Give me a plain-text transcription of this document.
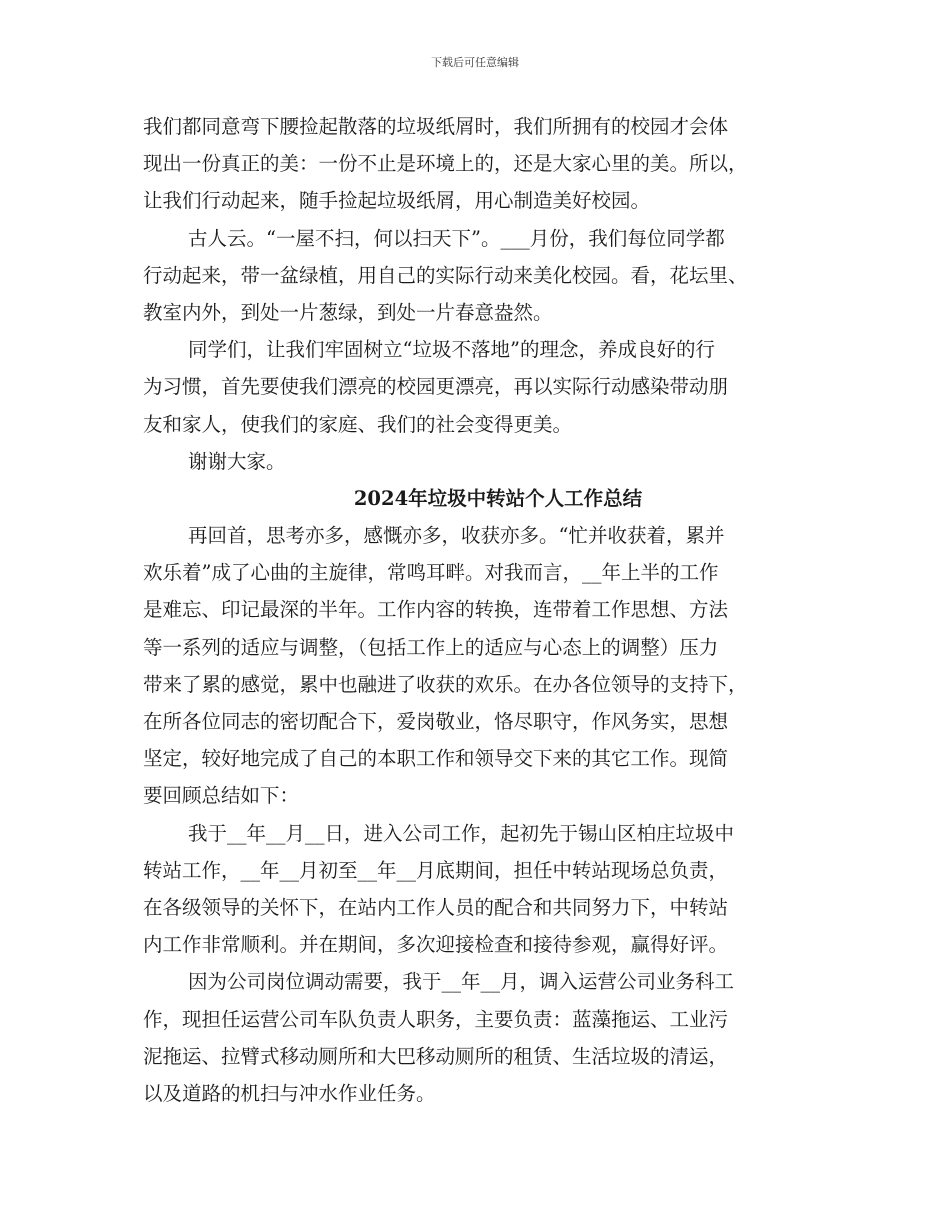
下载后可任意编辑
我们都同意弯下腰捡起散落的垃圾纸屑时，我们所拥有的校园才会体
现出一份真正的美：一份不止是环境上的，还是大家心里的美。所以，
让我们行动起来，随手捡起垃圾纸屑，用心制造美好校园。
古人云。“一屋不扫，何以扫天下”。___月份，我们每位同学都
行动起来，带一盆绿植，用自己的实际行动来美化校园。看，花坛里、
教室内外，到处一片葱绿，到处一片春意盎然。
同学们，让我们牢固树立“垃圾不落地”的理念，养成良好的行
为习惯，首先要使我们漂亮的校园更漂亮，再以实际行动感染带动朋
友和家人，使我们的家庭、我们的社会变得更美。
谢谢大家。
2024年垃圾中转站个人工作总结
再回首，思考亦多，感慨亦多，收获亦多。“忙并收获着，累并
欢乐着”成了心曲的主旋律，常鸣耳畔。对我而言，__年上半的工作
是难忘、印记最深的半年。工作内容的转换，连带着工作思想、方法
等一系列的适应与调整，（包括工作上的适应与心态上的调整）压力
带来了累的感觉，累中也融进了收获的欢乐。在办各位领导的支持下，
在所各位同志的密切配合下，爱岗敬业，恪尽职守，作风务实，思想
坚定，较好地完成了自己的本职工作和领导交下来的其它工作。现简
要回顾总结如下：
我于__年__月__日，进入公司工作，起初先于锡山区柏庄垃圾中
转站工作，__年__月初至__年__月底期间，担任中转站现场总负责，
在各级领导的关怀下，在站内工作人员的配合和共同努力下，中转站
内工作非常顺利。并在期间，多次迎接检查和接待参观，赢得好评。
因为公司岗位调动需要，我于__年__月，调入运营公司业务科工
作，现担任运营公司车队负责人职务，主要负责：蓝藻拖运、工业污
泥拖运、拉臂式移动厕所和大巴移动厕所的租赁、生活垃圾的清运，
以及道路的机扫与冲水作业任务。
